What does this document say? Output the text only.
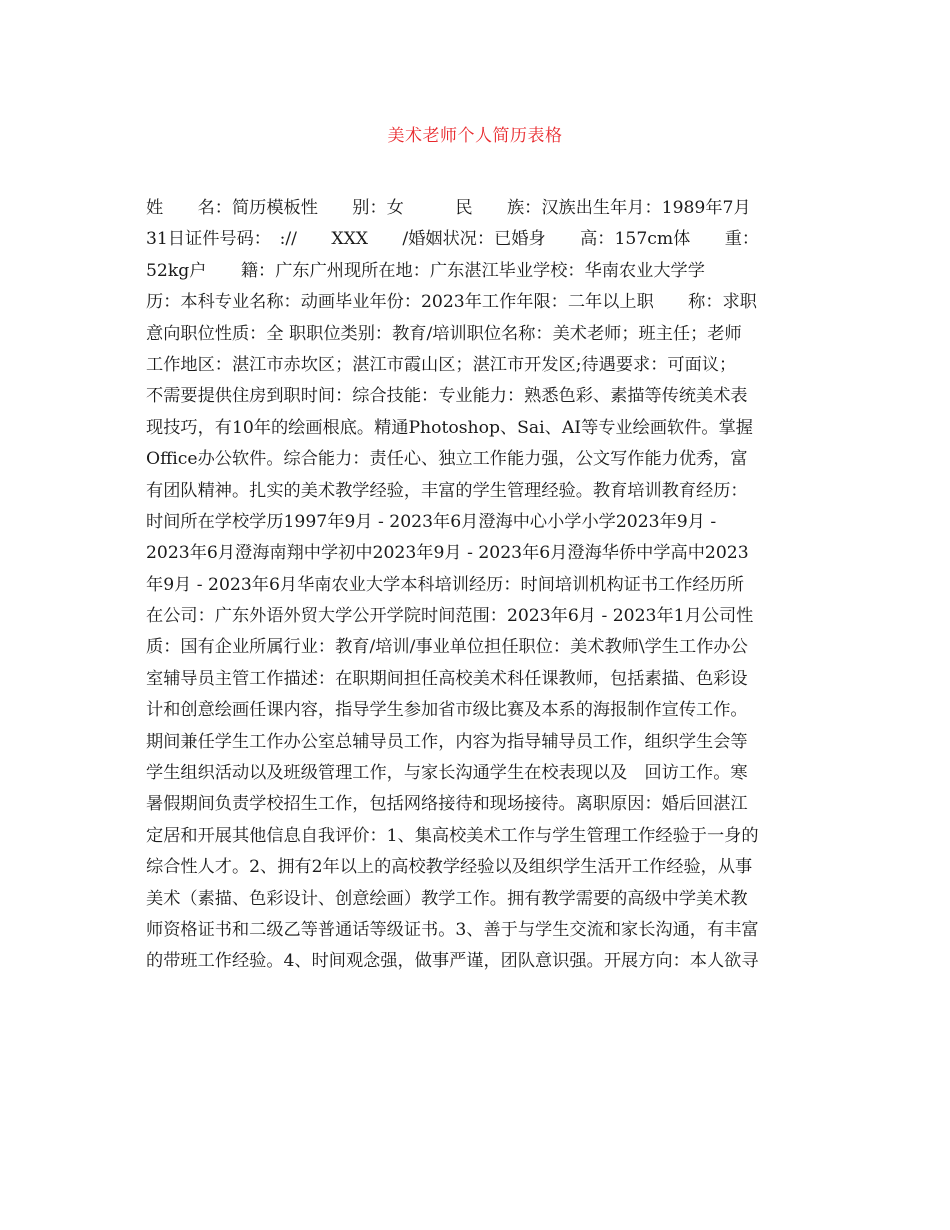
美术老师个人简历表格
姓　　名：简历模板性　　别：女　　　民　　族：汉族出生年月：1989年7月
31日证件号码：　://　　XXX　　/婚姻状况：已婚身　　高：157cm体　　重：
52kg户　　籍：广东广州现所在地：广东湛江毕业学校：华南农业大学学
历：本科专业名称：动画毕业年份：2023年工作年限：二年以上职　　称：求职
意向职位性质：全 职职位类别：教育/培训职位名称：美术老师；班主任；老师
工作地区：湛江市赤坎区；湛江市霞山区；湛江市开发区;待遇要求：可面议；
不需要提供住房到职时间：综合技能：专业能力：熟悉色彩、素描等传统美术表
现技巧，有10年的绘画根底。精通Photoshop、Sai、AI等专业绘画软件。掌握
Office办公软件。综合能力：责任心、独立工作能力强，公文写作能力优秀，富
有团队精神。扎实的美术教学经验，丰富的学生管理经验。教育培训教育经历：
时间所在学校学历1997年9月 - 2023年6月澄海中心小学小学2023年9月 -
2023年6月澄海南翔中学初中2023年9月 - 2023年6月澄海华侨中学高中2023
年9月 - 2023年6月华南农业大学本科培训经历：时间培训机构证书工作经历所
在公司：广东外语外贸大学公开学院时间范围：2023年6月 - 2023年1月公司性
质：国有企业所属行业：教育/培训/事业单位担任职位：美术教师\学生工作办公
室辅导员主管工作描述：在职期间担任高校美术科任课教师，包括素描、色彩设
计和创意绘画任课内容，指导学生参加省市级比赛及本系的海报制作宣传工作。
期间兼任学生工作办公室总辅导员工作，内容为指导辅导员工作，组织学生会等
学生组织活动以及班级管理工作，与家长沟通学生在校表现以及　回访工作。寒
暑假期间负责学校招生工作，包括网络接待和现场接待。离职原因：婚后回湛江
定居和开展其他信息自我评价：1、集高校美术工作与学生管理工作经验于一身的
综合性人才。2、拥有2年以上的高校教学经验以及组织学生活开工作经验，从事
美术（素描、色彩设计、创意绘画）教学工作。拥有教学需要的高级中学美术教
师资格证书和二级乙等普通话等级证书。3、善于与学生交流和家长沟通，有丰富
的带班工作经验。4、时间观念强，做事严谨，团队意识强。开展方向：本人欲寻
